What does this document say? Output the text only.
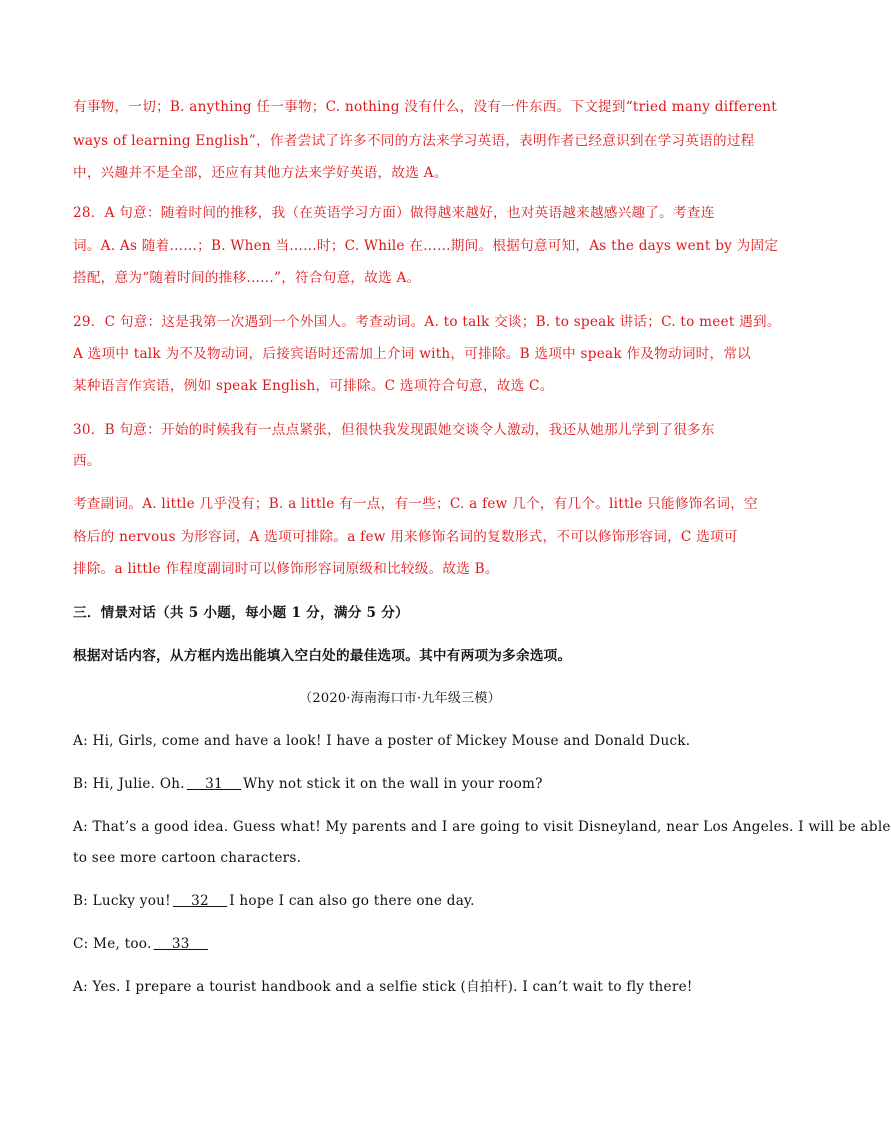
有事物，一切；B. anything 任一事物；C. nothing 没有什么，没有一件东西。下文提到“tried many different
ways of learning English”，作者尝试了许多不同的方法来学习英语，表明作者已经意识到在学习英语的过程
中，兴趣并不是全部，还应有其他方法来学好英语，故选 A。
28．A 句意：随着时间的推移，我（在英语学习方面）做得越来越好，也对英语越来越感兴趣了。考查连
词。A. As 随着……；B. When 当……时；C. While 在……期间。根据句意可知，As the days went by 为固定
搭配，意为“随着时间的推移……”，符合句意，故选 A。
29．C 句意：这是我第一次遇到一个外国人。考查动词。A. to talk 交谈；B. to speak 讲话；C. to meet 遇到。
A 选项中 talk 为不及物动词，后接宾语时还需加上介词 with，可排除。B 选项中 speak 作及物动词时，常以
某种语言作宾语，例如 speak English，可排除。C 选项符合句意，故选 C。
30．B 句意：开始的时候我有一点点紧张，但很快我发现跟她交谈令人激动，我还从她那儿学到了很多东
西。
考查副词。A. little 几乎没有；B. a little 有一点，有一些；C. a few 几个，有几个。little 只能修饰名词，空
格后的 nervous 为形容词，A 选项可排除。a few 用来修饰名词的复数形式，不可以修饰形容词，C 选项可
排除。a little 作程度副词时可以修饰形容词原级和比较级。故选 B。
三．情景对话（共 5 小题，每小题 1 分，满分 5 分）
根据对话内容，从方框内选出能填入空白处的最佳选项。其中有两项为多余选项。
（2020·海南海口市·九年级三模）
A: Hi, Girls, come and have a look! I have a poster of Mickey Mouse and Donald Duck.
B: Hi, Julie. Oh.    31    Why not stick it on the wall in your room?
A: That’s a good idea. Guess what! My parents and I are going to visit Disneyland, near Los Angeles. I will be able
to see more cartoon characters.
B: Lucky you!    32    I hope I can also go there one day.
C: Me, too.    33
A: Yes. I prepare a tourist handbook and a selfie stick (自拍杆). I can’t wait to fly there!
